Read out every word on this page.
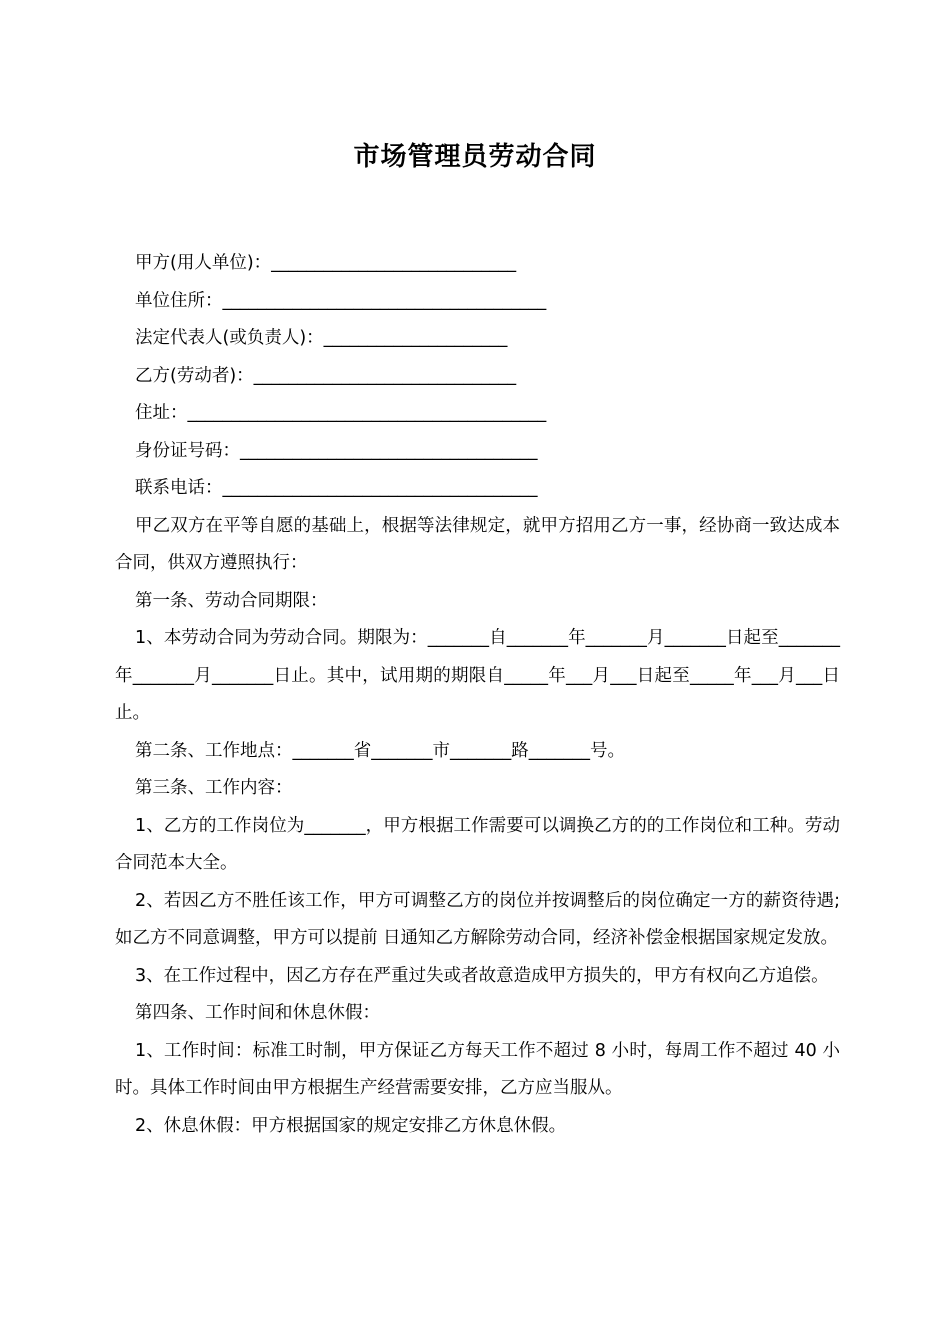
市场管理员劳动合同

甲方(用人单位)：____________________________

单位住所：_____________________________________

法定代表人(或负责人)：_____________________

乙方(劳动者)：______________________________

住址：_________________________________________

身份证号码：__________________________________

联系电话：____________________________________

甲乙双方在平等自愿的基础上，根据等法律规定，就甲方招用乙方一事，经协商一致达成本合同，供双方遵照执行：

第一条、劳动合同期限：

1、本劳动合同为劳动合同。期限为：_______自_______年_______月_______日起至_______年_______月_______日止。其中，试用期的期限自_____年___月___日起至_____年___月___日止。

第二条、工作地点：_______省_______市_______路_______号。

第三条、工作内容：

1、乙方的工作岗位为_______，甲方根据工作需要可以调换乙方的的工作岗位和工种。劳动合同范本大全。

2、若因乙方不胜任该工作，甲方可调整乙方的岗位并按调整后的岗位确定一方的薪资待遇;如乙方不同意调整，甲方可以提前 日通知乙方解除劳动合同，经济补偿金根据国家规定发放。

3、在工作过程中，因乙方存在严重过失或者故意造成甲方损失的，甲方有权向乙方追偿。

第四条、工作时间和休息休假：

1、工作时间：标准工时制，甲方保证乙方每天工作不超过 8 小时，每周工作不超过 40 小时。具体工作时间由甲方根据生产经营需要安排，乙方应当服从。

2、休息休假：甲方根据国家的规定安排乙方休息休假。
